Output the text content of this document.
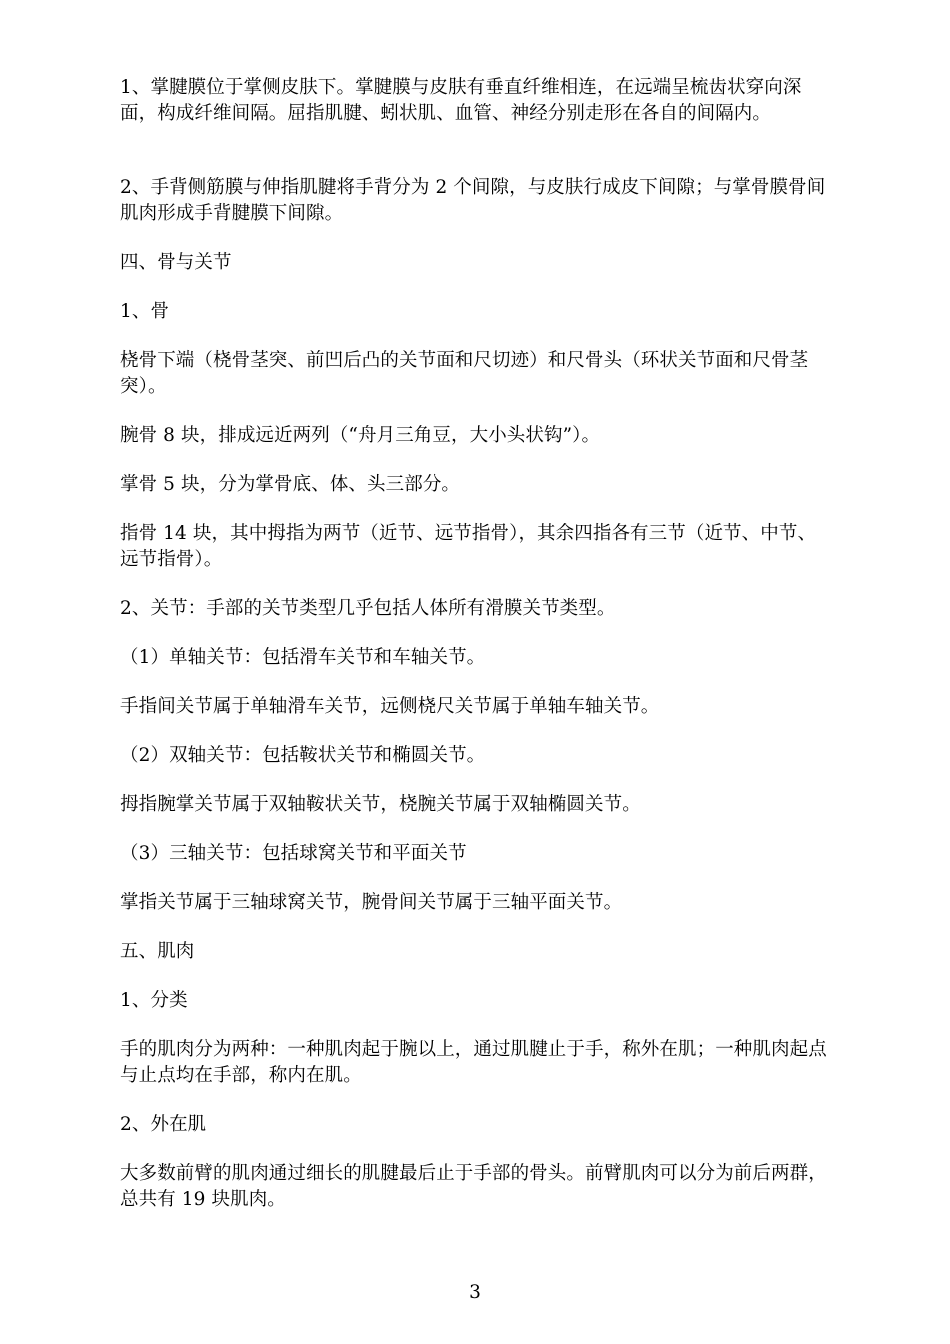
1、掌腱膜位于掌侧皮肤下。掌腱膜与皮肤有垂直纤维相连，在远端呈梳齿状穿向深面，构成纤维间隔。屈指肌腱、蚓状肌、血管、神经分别走形在各自的间隔内。

2、手背侧筋膜与伸指肌腱将手背分为 2 个间隙，与皮肤行成皮下间隙；与掌骨膜骨间肌肉形成手背腱膜下间隙。

四、骨与关节

1、骨

桡骨下端（桡骨茎突、前凹后凸的关节面和尺切迹）和尺骨头（环状关节面和尺骨茎突）。

腕骨 8 块，排成远近两列（“舟月三角豆，大小头状钩”）。

掌骨 5 块，分为掌骨底、体、头三部分。

指骨 14 块，其中拇指为两节（近节、远节指骨），其余四指各有三节（近节、中节、远节指骨）。

2、关节：手部的关节类型几乎包括人体所有滑膜关节类型。

（1）单轴关节：包括滑车关节和车轴关节。

手指间关节属于单轴滑车关节，远侧桡尺关节属于单轴车轴关节。

（2）双轴关节：包括鞍状关节和椭圆关节。

拇指腕掌关节属于双轴鞍状关节，桡腕关节属于双轴椭圆关节。

（3）三轴关节：包括球窝关节和平面关节

掌指关节属于三轴球窝关节，腕骨间关节属于三轴平面关节。

五、肌肉

1、分类

手的肌肉分为两种：一种肌肉起于腕以上，通过肌腱止于手，称外在肌；一种肌肉起点与止点均在手部，称内在肌。

2、外在肌

大多数前臂的肌肉通过细长的肌腱最后止于手部的骨头。前臂肌肉可以分为前后两群，总共有 19 块肌肉。

3
